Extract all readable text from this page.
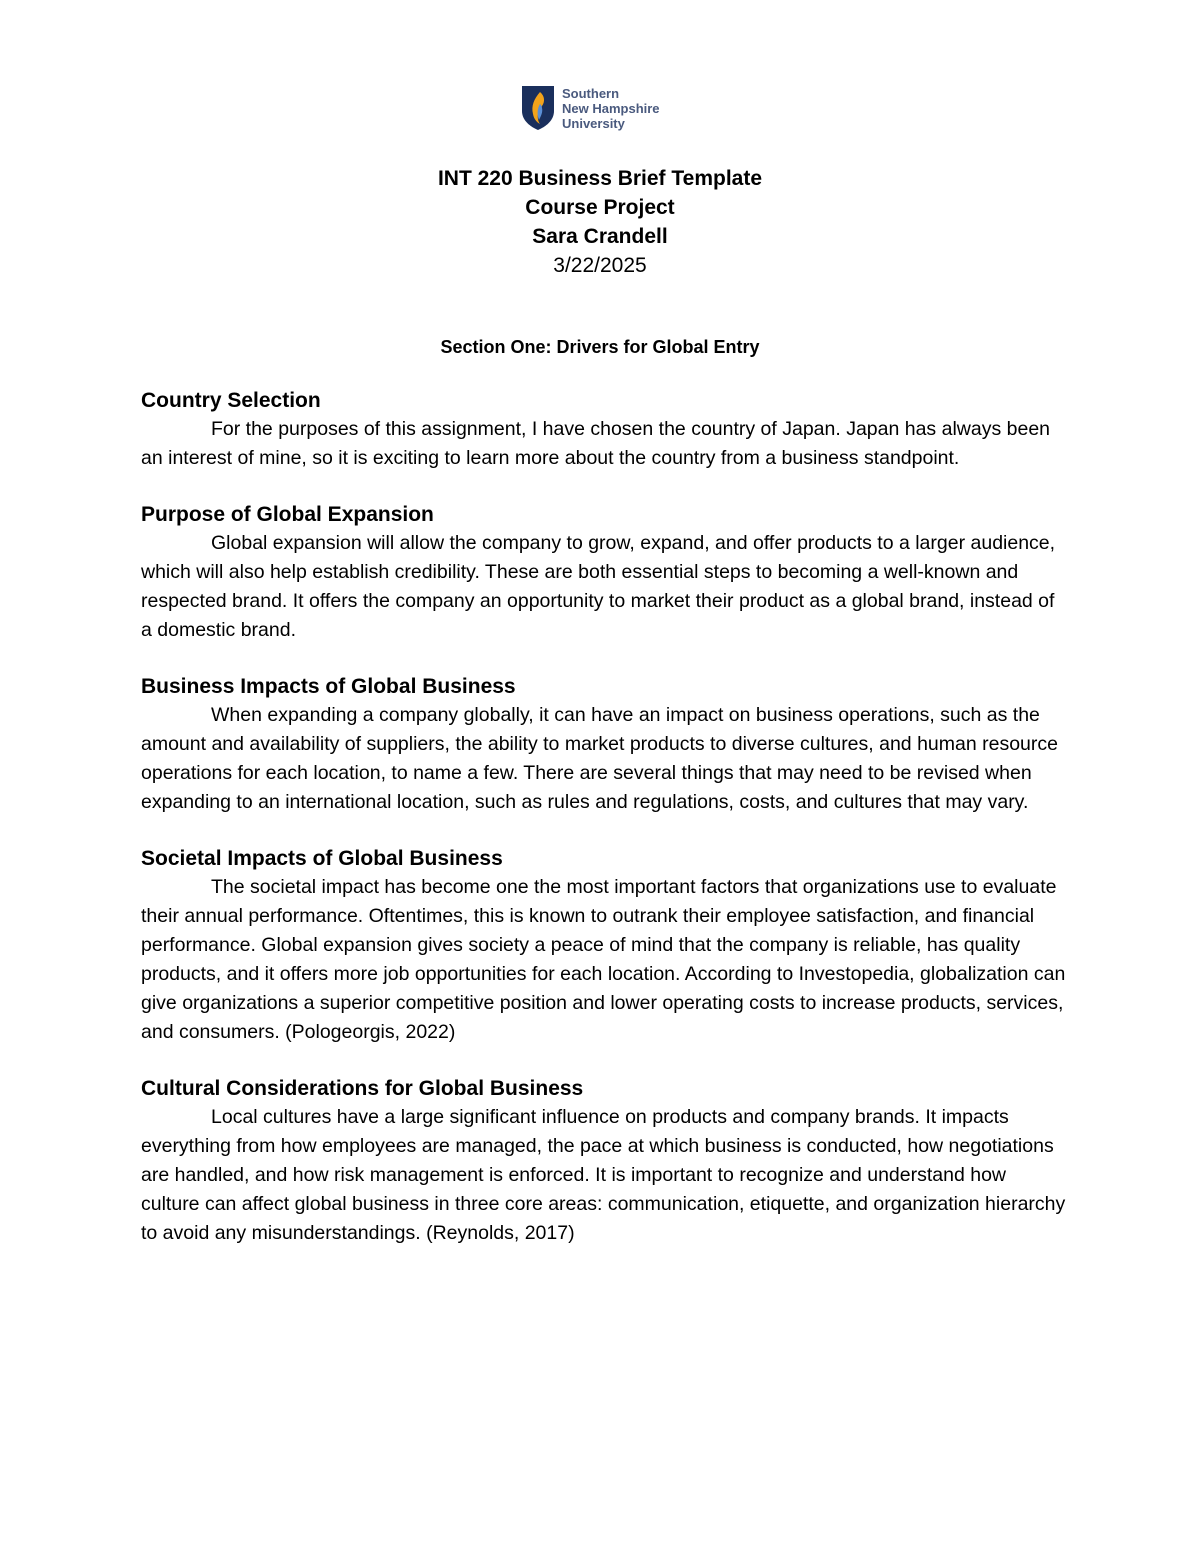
Southern
New Hampshire
University

INT 220 Business Brief Template

Course Project

Sara Crandell

3/22/2025

Section One: Drivers for Global Entry

Country Selection

For the purposes of this assignment, I have chosen the country of Japan. Japan has always been an interest of mine, so it is exciting to learn more about the country from a business standpoint.

Purpose of Global Expansion

Global expansion will allow the company to grow, expand, and offer products to a larger audience, which will also help establish credibility. These are both essential steps to becoming a well-known and respected brand. It offers the company an opportunity to market their product as a global brand, instead of a domestic brand.

Business Impacts of Global Business

When expanding a company globally, it can have an impact on business operations, such as the amount and availability of suppliers, the ability to market products to diverse cultures, and human resource operations for each location, to name a few. There are several things that may need to be revised when expanding to an international location, such as rules and regulations, costs, and cultures that may vary.

Societal Impacts of Global Business

The societal impact has become one the most important factors that organizations use to evaluate their annual performance. Oftentimes, this is known to outrank their employee satisfaction, and financial performance. Global expansion gives society a peace of mind that the company is reliable, has quality products, and it offers more job opportunities for each location. According to Investopedia, globalization can give organizations a superior competitive position and lower operating costs to increase products, services, and consumers. (Pologeorgis, 2022)

Cultural Considerations for Global Business

Local cultures have a large significant influence on products and company brands. It impacts everything from how employees are managed, the pace at which business is conducted, how negotiations are handled, and how risk management is enforced. It is important to recognize and understand how culture can affect global business in three core areas: communication, etiquette, and organization hierarchy to avoid any misunderstandings. (Reynolds, 2017)
